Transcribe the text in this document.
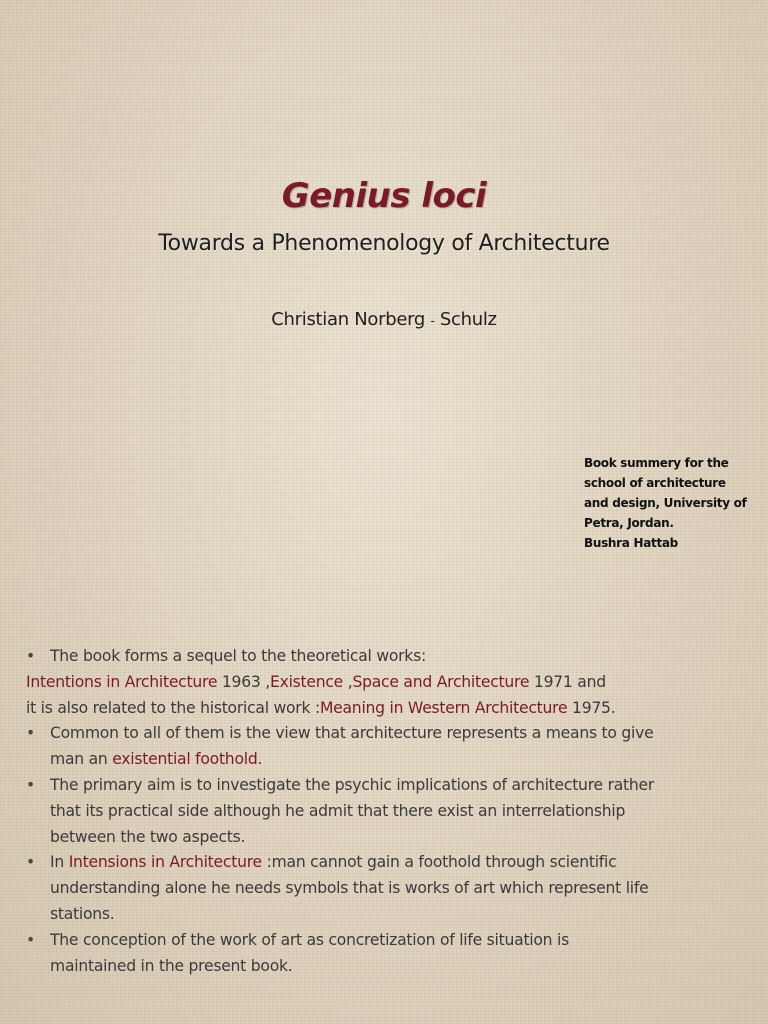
Genius loci
Towards a Phenomenology of Architecture
Christian Norberg - Schulz
Book summery for the
school of architecture
and design, University of
Petra, Jordan.
Bushra Hattab
• The book forms a sequel to the theoretical works:
Intentions in Architecture 1963 ,Existence ,Space and Architecture 1971 and
it is also related to the historical work :Meaning in Western Architecture 1975.
• Common to all of them is the view that architecture represents a means to give
man an existential foothold.
• The primary aim is to investigate the psychic implications of architecture rather
that its practical side although he admit that there exist an interrelationship
between the two aspects.
• In Intensions in Architecture :man cannot gain a foothold through scientific
understanding alone he needs symbols that is works of art which represent life
stations.
• The conception of the work of art as concretization of life situation is
maintained in the present book.
